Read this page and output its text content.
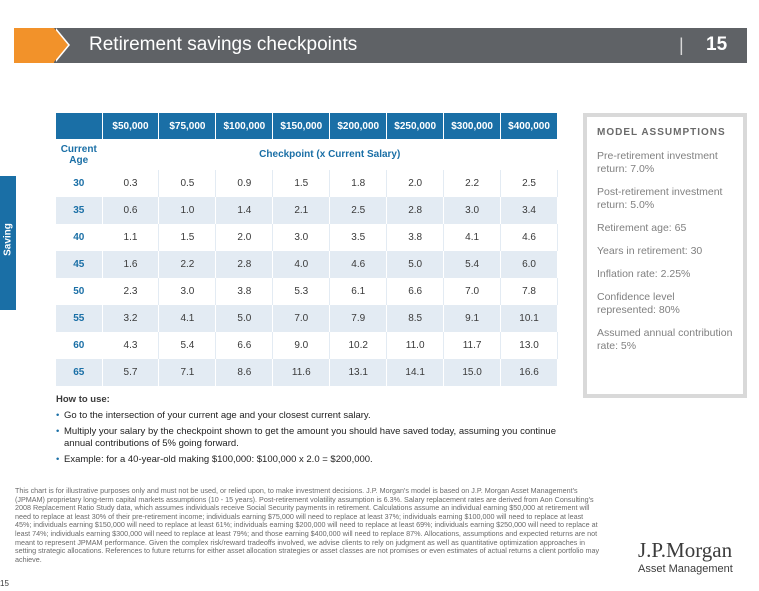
Retirement savings checkpoints	| 15
Saving
	$50,000	$75,000	$100,000	$150,000	$200,000	$250,000	$300,000	$400,000
Current Age	Checkpoint (x Current Salary)							
30	0.3	0.5	0.9	1.5	1.8	2.0	2.2	2.5
35	0.6	1.0	1.4	2.1	2.5	2.8	3.0	3.4
40	1.1	1.5	2.0	3.0	3.5	3.8	4.1	4.6
45	1.6	2.2	2.8	4.0	4.6	5.0	5.4	6.0
50	2.3	3.0	3.8	5.3	6.1	6.6	7.0	7.8
55	3.2	4.1	5.0	7.0	7.9	8.5	9.1	10.1
60	4.3	5.4	6.6	9.0	10.2	11.0	11.7	13.0
65	5.7	7.1	8.6	11.6	13.1	14.1	15.0	16.6
MODEL ASSUMPTIONS
Pre-retirement investment return: 7.0%
Post-retirement investment return: 5.0%
Retirement age: 65
Years in retirement: 30
Inflation rate: 2.25%
Confidence level represented: 80%
Assumed annual contribution rate: 5%
How to use:
• Go to the intersection of your current age and your closest current salary.
• Multiply your salary by the checkpoint shown to get the amount you should have saved today, assuming you continue annual contributions of 5% going forward.
• Example: for a 40-year-old making $100,000: $100,000 x 2.0 = $200,000.
This chart is for illustrative purposes only and must not be used, or relied upon, to make investment decisions. J.P. Morgan's model is based on J.P. Morgan Asset Management's (JPMAM) proprietary long-term capital markets assumptions (10 - 15 years). Post-retirement volatility assumption is 6.3%. Salary replacement rates are derived from Aon Consulting's 2008 Replacement Ratio Study data, which assumes individuals receive Social Security payments in retirement. Calculations assume an individual earning $50,000 at retirement will need to replace at least 30% of their pre-retirement income; individuals earning $75,000 will need to replace at least 37%; individuals earning $100,000 will need to replace at least 45%; individuals earning $150,000 will need to replace at least 61%; individuals earning $200,000 will need to replace at least 69%; individuals earning $250,000 will need to replace at least 74%; individuals earning $300,000 will need to replace at least 79%; and those earning $400,000 will need to replace 87%. Allocations, assumptions and expected returns are not meant to represent JPMAM performance. Given the complex risk/reward tradeoffs involved, we advise clients to rely on judgment as well as quantitative optimization approaches in setting strategic allocations. References to future returns for either asset allocation strategies or asset classes are not promises or even estimates of actual returns a client portfolio may achieve.	J.P.Morgan
Asset Management
15
